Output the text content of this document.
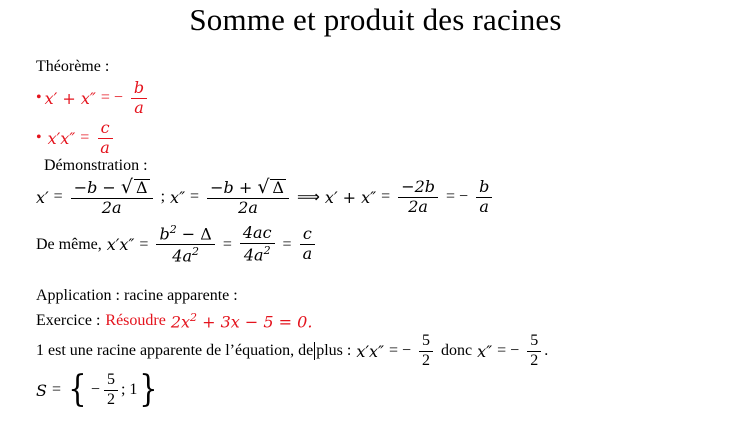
Somme et produit des racines
Théorème :
• x′ + x″ = − $\frac{b}{a}$
• $x'x'' = \frac{c}{a}$
Démonstration :
$x' = \frac{-b - √ \Delta}{2a}$ ; $x'' = \frac{-b + √ \Delta}{2a}$ ⟹ $x' + x'' = \frac{-2b}{2a}$ = − $\frac{b}{a}$
De même, $x'x'' = \frac{b^2 - \Delta}{4a^2} = \frac{4ac}{4a^2} = \frac{c}{a}$
Application : racine apparente :
Exercice : Résoudre $2x^2 + 3x - 5 = 0$.
1 est une racine apparente de l’équation, de plus : x′x″ = − $\frac{5}{2}$ donc x″ = − $\frac{5}{2}$ .
S = { − $\frac{5}{2}$ ; 1 }
